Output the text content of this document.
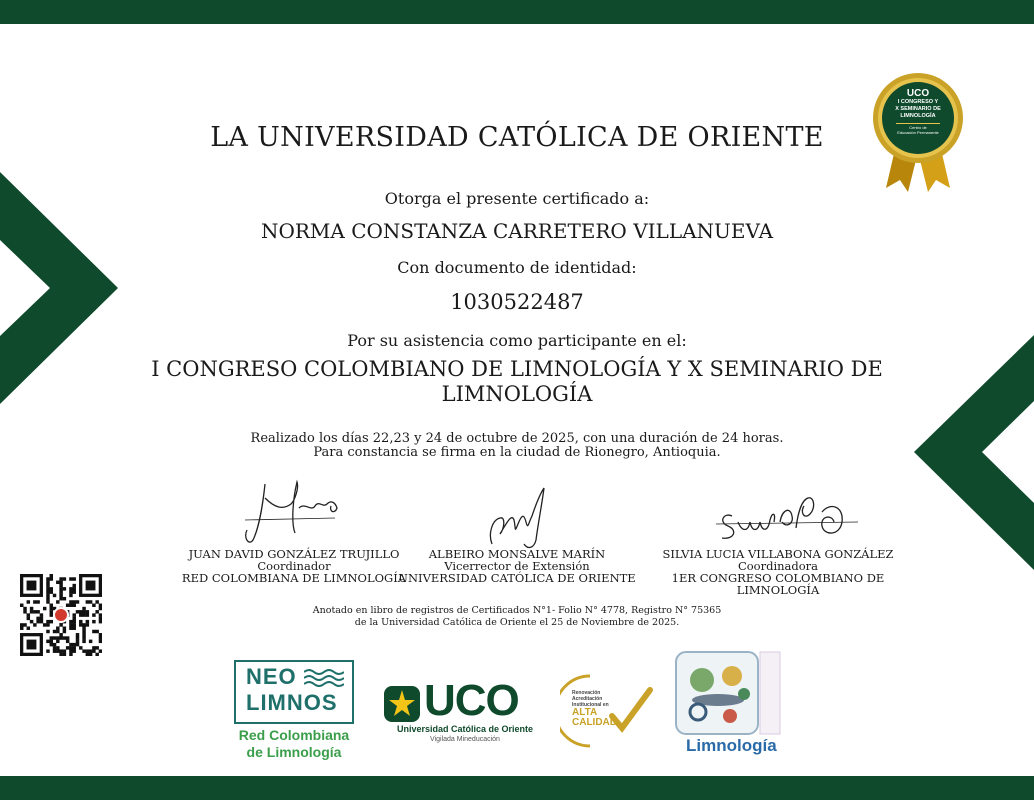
UCO
I CONGRESO Y
X SEMINARIO DE
LIMNOLOGÍA
Centro de
Educación Permanente
LA UNIVERSIDAD CATÓLICA DE ORIENTE
Otorga el presente certificado a:
NORMA CONSTANZA CARRETERO VILLANUEVA
Con documento de identidad:
1030522487
Por su asistencia como participante en el:
I CONGRESO COLOMBIANO DE LIMNOLOGÍA Y X SEMINARIO DE
LIMNOLOGÍA
Realizado los días 22,23 y 24 de octubre de 2025, con una duración de 24 horas.
Para constancia se firma en la ciudad de Rionegro, Antioquia.
JUAN DAVID GONZÁLEZ TRUJILLO
Coordinador
RED COLOMBIANA DE LIMNOLOGÍA
ALBEIRO MONSALVE MARÍN
Vicerrector de Extensión
UNIVERSIDAD CATÓLICA DE ORIENTE
SILVIA LUCIA VILLABONA GONZÁLEZ
Coordinadora
1ER CONGRESO COLOMBIANO DE LIMNOLOGÍA
Anotado en libro de registros de Certificados N°1- Folio N° 4778, Registro N° 75365
de la Universidad Católica de Oriente el 25 de Noviembre de 2025.
NEO
LIMNOS
Red Colombiana
de Limnología
UCO
Universidad Católica de Oriente
Vigilada Mineducación
Renovación
Acreditación
Institucional en
ALTA
CALIDAD
Limnología
